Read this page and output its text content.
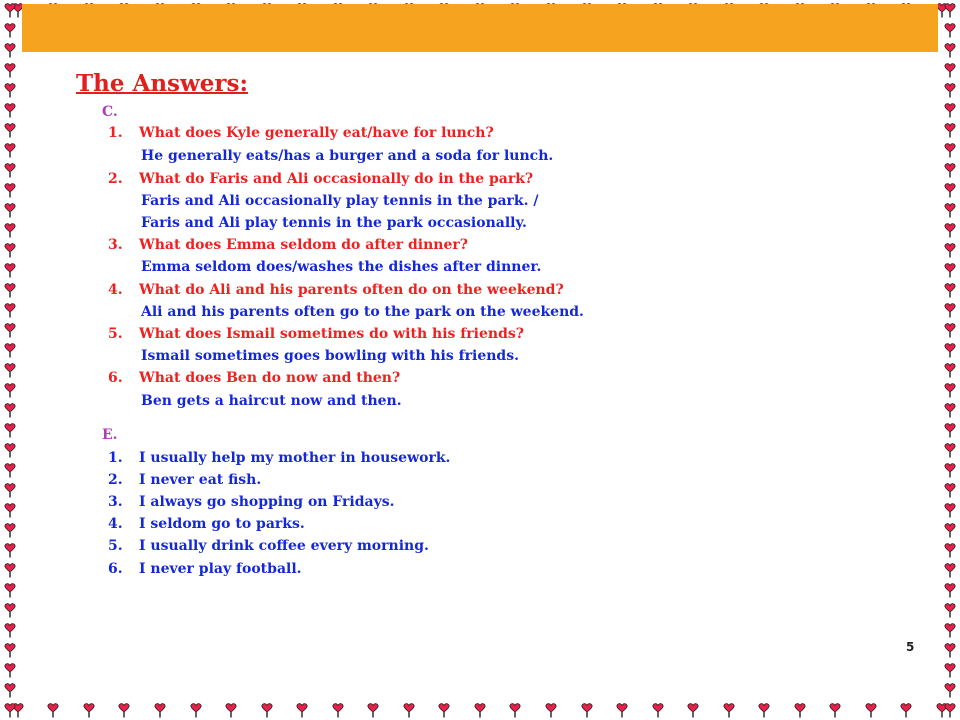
The Answers:
C.
1. What does Kyle generally eat/have for lunch?
He generally eats/has a burger and a soda for lunch.
2. What do Faris and Ali occasionally do in the park?
Faris and Ali occasionally play tennis in the park. /
Faris and Ali play tennis in the park occasionally.
3. What does Emma seldom do after dinner?
Emma seldom does/washes the dishes after dinner.
4. What do Ali and his parents often do on the weekend?
Ali and his parents often go to the park on the weekend.
5. What does Ismail sometimes do with his friends?
Ismail sometimes goes bowling with his friends.
6. What does Ben do now and then?
Ben gets a haircut now and then.
E.
1. I usually help my mother in housework.
2. I never eat fish.
3. I always go shopping on Fridays.
4. I seldom go to parks.
5. I usually drink coffee every morning.
6. I never play football.
5
